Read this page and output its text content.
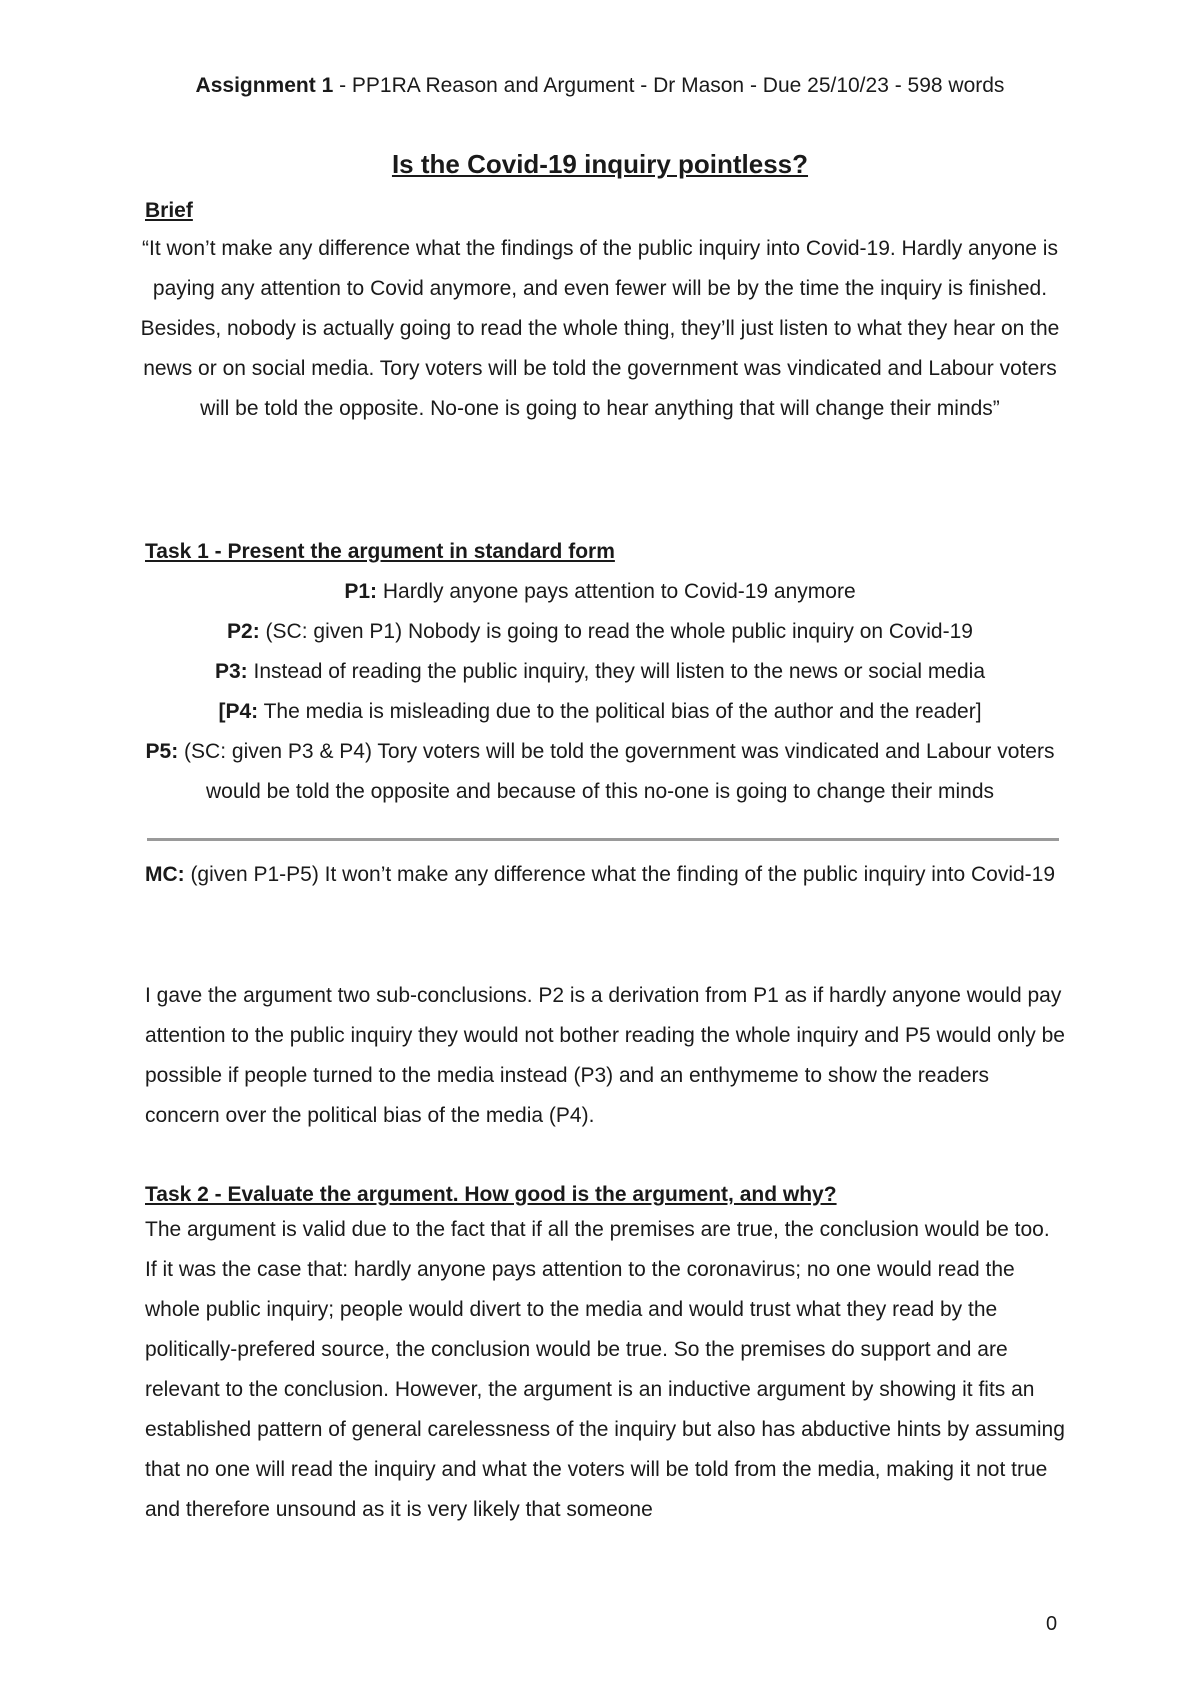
Assignment 1 - PP1RA Reason and Argument - Dr Mason - Due 25/10/23 - 598 words
Is the Covid-19 inquiry pointless?
Brief
“It won’t make any difference what the findings of the public inquiry into Covid-19. Hardly anyone is paying any attention to Covid anymore, and even fewer will be by the time the inquiry is finished. Besides, nobody is actually going to read the whole thing, they’ll just listen to what they hear on the news or on social media. Tory voters will be told the government was vindicated and Labour voters will be told the opposite. No-one is going to hear anything that will change their minds”
Task 1 - Present the argument in standard form
P1: Hardly anyone pays attention to Covid-19 anymore
P2: (SC: given P1) Nobody is going to read the whole public inquiry on Covid-19
P3: Instead of reading the public inquiry, they will listen to the news or social media
[P4: The media is misleading due to the political bias of the author and the reader]
P5: (SC: given P3 & P4) Tory voters will be told the government was vindicated and Labour voters would be told the opposite and because of this no-one is going to change their minds
MC: (given P1-P5) It won’t make any difference what the finding of the public inquiry into Covid-19
I gave the argument two sub-conclusions. P2 is a derivation from P1 as if hardly anyone would pay attention to the public inquiry they would not bother reading the whole inquiry and P5 would only be possible if people turned to the media instead (P3) and an enthymeme to show the readers concern over the political bias of the media (P4).
Task 2 - Evaluate the argument. How good is the argument, and why?
The argument is valid due to the fact that if all the premises are true, the conclusion would be too. If it was the case that: hardly anyone pays attention to the coronavirus; no one would read the whole public inquiry; people would divert to the media and would trust what they read by the politically-prefered source, the conclusion would be true. So the premises do support and are relevant to the conclusion. However, the argument is an inductive argument by showing it fits an established pattern of general carelessness of the inquiry but also has abductive hints by assuming that no one will read the inquiry and what the voters will be told from the media, making it not true and therefore unsound as it is very likely that someone
0
